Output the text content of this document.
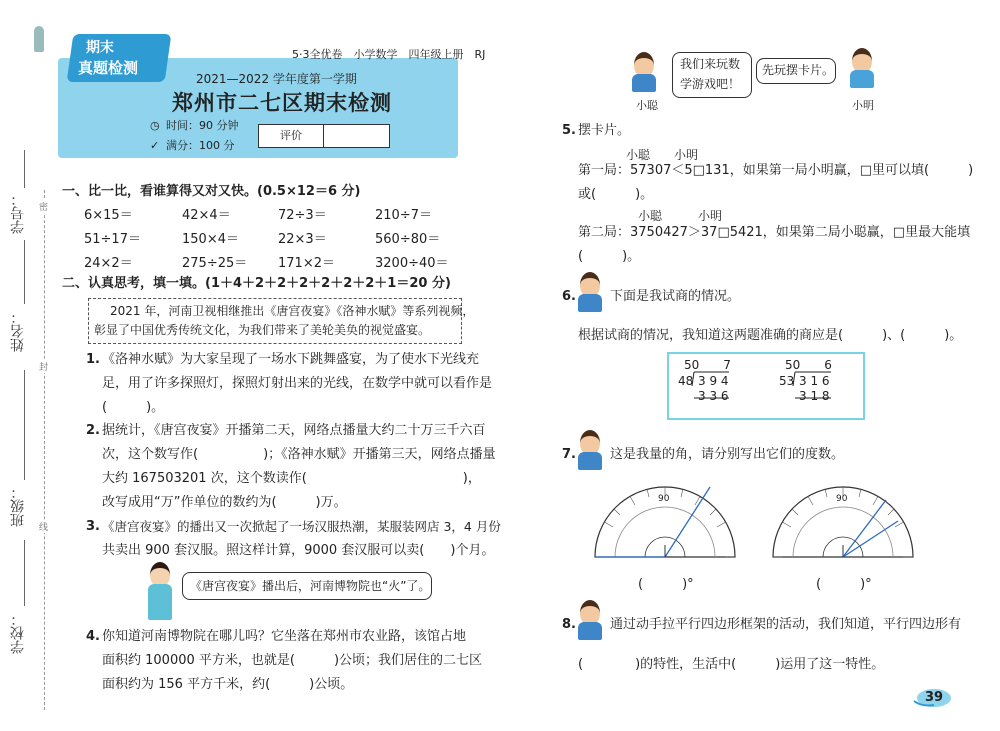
学号：
姓名：
班级：
学校：
密
封
线
期末
真题检测
5·3全优卷　小学数学　四年级上册　RJ
2021—2022 学年度第一学期
郑州市二七区期末检测
◷ 时间：90 分钟
✓ 满分：100 分
评价
一、比一比，看谁算得又对又快。(0.5×12＝6 分)
6×15＝	42×4＝	72÷3＝	210÷7＝
51÷17＝	150×4＝	22×3＝	560÷80＝
24×2＝	275÷25＝ 171×2＝	3200÷40＝
二、认真思考，填一填。(1＋4＋2＋2＋2＋2＋2＋2＋1＝20 分)
2021 年，河南卫视相继推出《唐宫夜宴》《洛神水赋》等系列视频，
彰显了中国优秀传统文化，为我们带来了美轮美奂的视觉盛宴。
1. 《洛神水赋》为大家呈现了一场水下跳舞盛宴，为了使水下光线充
足，用了许多探照灯，探照灯射出来的光线，在数学中就可以看作是
(　　　)。
2. 据统计，《唐宫夜宴》开播第二天，网络点播量大约二十万三千六百
次，这个数写作(　　　　　)；《洛神水赋》开播第三天，网络点播量
大约 167503201 次，这个数读作(　　　　　　　　　　　　)，
改写成用“万”作单位的数约为(　　　)万。
3. 《唐宫夜宴》的播出又一次掀起了一场汉服热潮，某服装网店 3，4 月份
共卖出 900 套汉服。照这样计算，9000 套汉服可以卖(　　)个月。
《唐宫夜宴》播出后，河南博物院也“火”了。
4. 你知道河南博物院在哪儿吗？它坐落在郑州市农业路，该馆占地
面积约 100000 平方米，也就是(　　　)公顷；我们居住的二七区
面积约为 156 平方千米，约(　　　)公顷。
我们来玩数
学游戏吧！
小聪
先玩摆卡片。
小明
5. 摆卡片。
小聪　　小明
第一局：57307＜5□131，如果第一局小明赢，□里可以填(　　　)
或(　　　)。
小聪　　　小明
第二局：3750427＞37□5421，如果第二局小聪赢，□里最大能填
(　　　)。
6.	下面是我试商的情况。
根据试商的情况，我知道这两题准确的商应是(　　　)、(　　　)。
50　　7
48 3 9 4
3 3 6
50　　6
53 3 1 6
3 1 8
7.	这是我量的角，请分别写出它们的度数。
90	90
(　　　)°	(　　　)°
8.	通过动手拉平行四边形框架的活动，我们知道，平行四边形有
(　　　　)的特性，生活中(　　　)运用了这一特性。
39
